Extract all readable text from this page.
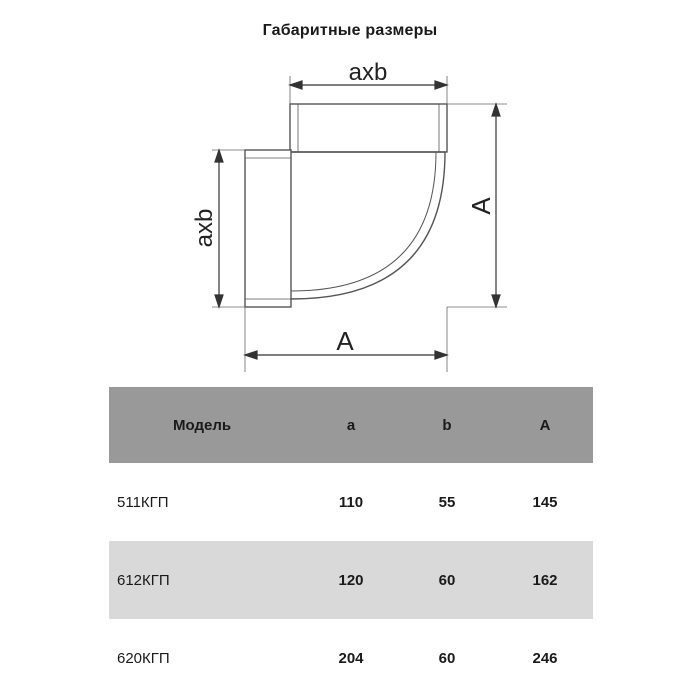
Габаритные размеры
axb
axb
A
A
Модель	a	b	A
511КГП	110	55	145
612КГП	120	60	162
620КГП	204	60	246
